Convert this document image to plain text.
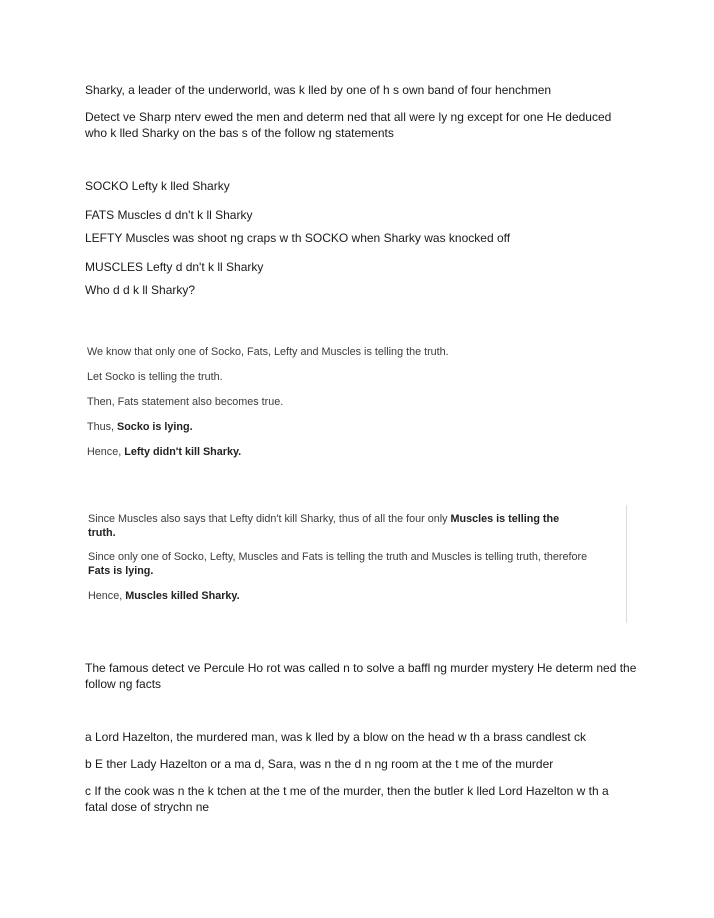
Sharky, a leader of the underworld, was k lled by one of h s own band of four henchmen
Detect ve Sharp nterv ewed the men and determ ned that all were ly ng except for one He deduced
who k lled Sharky on the bas s of the follow ng statements
SOCKO Lefty k lled Sharky
FATS Muscles d dn't k ll Sharky
LEFTY Muscles was shoot ng craps w th SOCKO when Sharky was knocked off
MUSCLES Lefty d dn't k ll Sharky
Who d d k ll Sharky?
We know that only one of Socko, Fats, Lefty and Muscles is telling the truth.
Let Socko is telling the truth.
Then, Fats statement also becomes true.
Thus, Socko is lying.
Hence, Lefty didn't kill Sharky.
Since Muscles also says that Lefty didn't kill Sharky, thus of all the four only Muscles is telling the
truth.
Since only one of Socko, Lefty, Muscles and Fats is telling the truth and Muscles is telling truth, therefore
Fats is lying.
Hence, Muscles killed Sharky.
The famous detect ve Percule Ho rot was called n to solve a baffl ng murder mystery He determ ned the
follow ng facts
a Lord Hazelton, the murdered man, was k lled by a blow on the head w th a brass candlest ck
b E ther Lady Hazelton or a ma d, Sara, was n the d n ng room at the t me of the murder
c If the cook was n the k tchen at the t me of the murder, then the butler k lled Lord Hazelton w th a
fatal dose of strychn ne
